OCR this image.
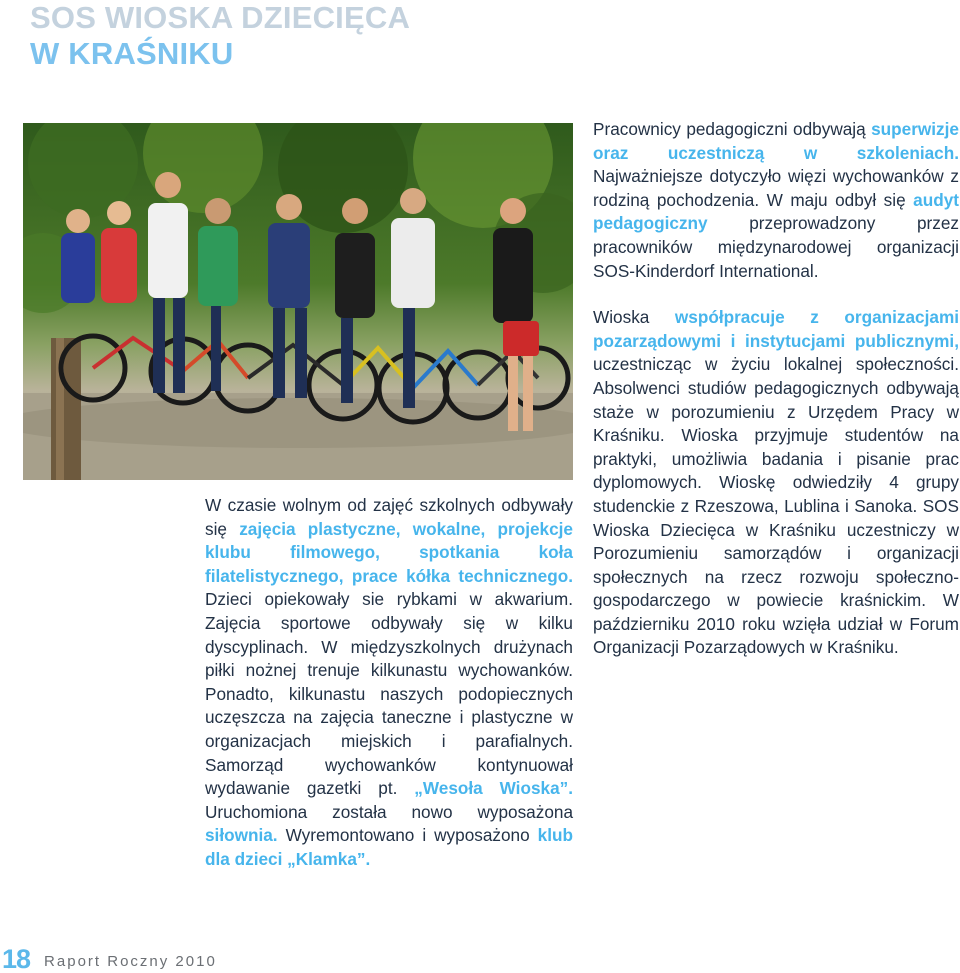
SOS WIOSKA DZIECIĘCA
W KRAŚNIKU

W czasie wolnym od zajęć szkolnych odbywały się zajęcia plastyczne, wokalne, projekcje klubu filmowego, spotkania koła filatelistycznego, prace kółka technicznego. Dzieci opiekowały sie rybkami w akwarium. Zajęcia sportowe odbywały się w kilku dyscyplinach. W międzyszkolnych drużynach piłki nożnej trenuje kilkunastu wychowanków. Ponadto, kilkunastu naszych podopiecznych uczęszcza na zajęcia taneczne i plastyczne w organizacjach miejskich i parafialnych. Samorząd wychowanków kontynuował wydawanie gazetki pt. „Wesoła Wioska”. Uruchomiona została nowo wyposażona siłownia. Wyremontowano i wyposażono klub dla dzieci „Klamka”.

Pracownicy pedagogiczni odbywają superwizje oraz uczestniczą w szkoleniach. Najważniejsze dotyczyło więzi wychowanków z rodziną pochodzenia. W maju odbył się audyt pedagogiczny przeprowadzony przez pracowników międzynarodowej organizacji SOS-Kinderdorf International.

Wioska współpracuje z organizacjami pozarządowymi i instytucjami publicznymi, uczestnicząc w życiu lokalnej społeczności. Absolwenci studiów pedagogicznych odbywają staże w porozumieniu z Urzędem Pracy w Kraśniku. Wioska przyjmuje studentów na praktyki, umożliwia badania i pisanie prac dyplomowych. Wioskę odwiedziły 4 grupy studenckie z Rzeszowa, Lublina i Sanoka. SOS Wioska Dziecięca w Kraśniku uczestniczy w Porozumieniu samorządów i organizacji społecznych na rzecz rozwoju społeczno-gospodarczego w powiecie kraśnickim. W październiku 2010 roku wzięła udział w Forum Organizacji Pozarządowych w Kraśniku.

18 Raport Roczny 2010
